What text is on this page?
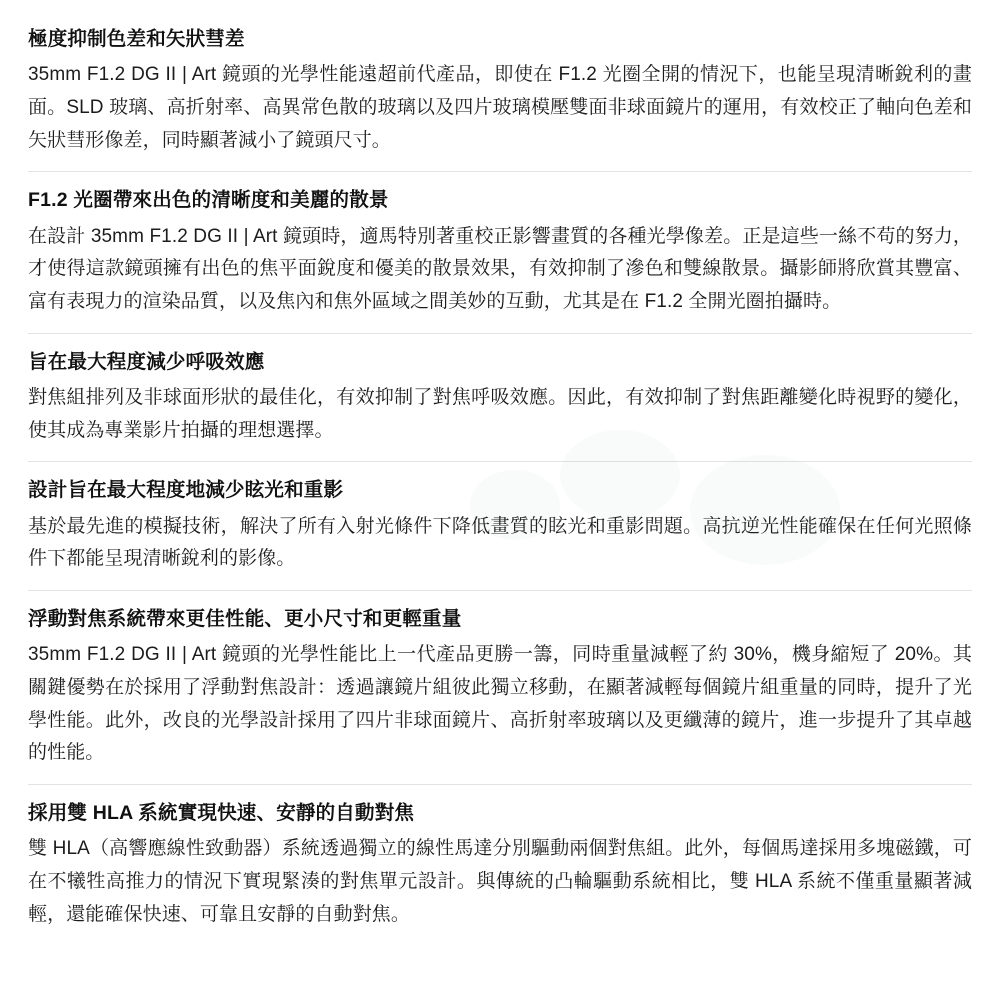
極度抑制色差和矢狀彗差

35mm F1.2 DG II | Art 鏡頭的光學性能遠超前代產品，即使在 F1.2 光圈全開的情況下，也能呈現清晰銳利的畫面。SLD 玻璃、高折射率、高異常色散的玻璃以及四片玻璃模壓雙面非球面鏡片的運用，有效校正了軸向色差和矢狀彗形像差，同時顯著減小了鏡頭尺寸。

F1.2 光圈帶來出色的清晰度和美麗的散景

在設計 35mm F1.2 DG II | Art 鏡頭時，適馬特別著重校正影響畫質的各種光學像差。正是這些一絲不苟的努力，才使得這款鏡頭擁有出色的焦平面銳度和優美的散景效果，有效抑制了滲色和雙線散景。攝影師將欣賞其豐富、富有表現力的渲染品質，以及焦內和焦外區域之間美妙的互動，尤其是在 F1.2 全開光圈拍攝時。

旨在最大程度減少呼吸效應

對焦組排列及非球面形狀的最佳化，有效抑制了對焦呼吸效應。因此，有效抑制了對焦距離變化時視野的變化，使其成為專業影片拍攝的理想選擇。

設計旨在最大程度地減少眩光和重影

基於最先進的模擬技術，解決了所有入射光條件下降低畫質的眩光和重影問題。高抗逆光性能確保在任何光照條件下都能呈現清晰銳利的影像。

浮動對焦系統帶來更佳性能、更小尺寸和更輕重量

35mm F1.2 DG II | Art 鏡頭的光學性能比上一代產品更勝一籌，同時重量減輕了約 30%，機身縮短了 20%。其關鍵優勢在於採用了浮動對焦設計：透過讓鏡片組彼此獨立移動，在顯著減輕每個鏡片組重量的同時，提升了光學性能。此外，改良的光學設計採用了四片非球面鏡片、高折射率玻璃以及更纖薄的鏡片，進一步提升了其卓越的性能。

採用雙 HLA 系統實現快速、安靜的自動對焦

雙 HLA（高響應線性致動器）系統透過獨立的線性馬達分別驅動兩個對焦組。此外，每個馬達採用多塊磁鐵，可在不犧牲高推力的情況下實現緊湊的對焦單元設計。與傳統的凸輪驅動系統相比，雙 HLA 系統不僅重量顯著減輕，還能確保快速、可靠且安靜的自動對焦。
